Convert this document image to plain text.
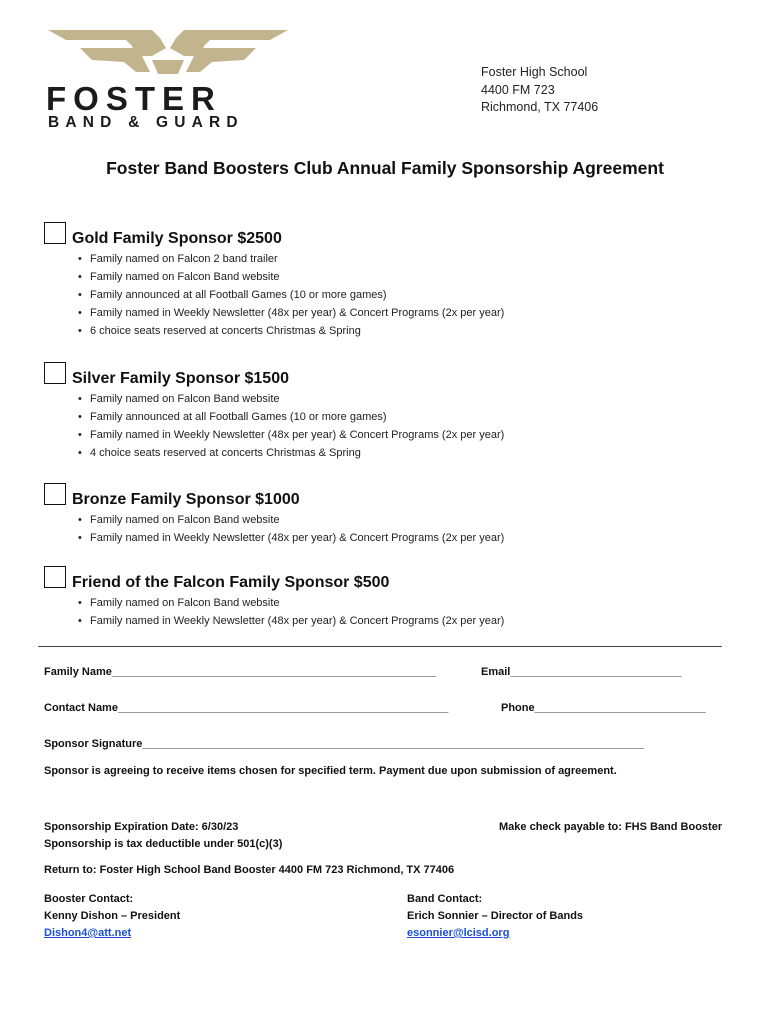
FOSTER
BAND & GUARD
Foster High School
4400 FM 723
Richmond, TX 77406
Foster Band Boosters Club Annual Family Sponsorship Agreement
Gold Family Sponsor $2500
• Family named on Falcon 2 band trailer
• Family named on Falcon Band website
• Family announced at all Football Games (10 or more games)
• Family named in Weekly Newsletter (48x per year) & Concert Programs (2x per year)
• 6 choice seats reserved at concerts Christmas & Spring
Silver Family Sponsor $1500
• Family named on Falcon Band website
• Family announced at all Football Games (10 or more games)
• Family named in Weekly Newsletter (48x per year) & Concert Programs (2x per year)
• 4 choice seats reserved at concerts Christmas & Spring
Bronze Family Sponsor $1000
• Family named on Falcon Band website
• Family named in Weekly Newsletter (48x per year) & Concert Programs (2x per year)
Friend of the Falcon Family Sponsor $500
• Family named on Falcon Band website
• Family named in Weekly Newsletter (48x per year) & Concert Programs (2x per year)
Family Name_____________________________________________________	Email____________________________
Contact Name______________________________________________________	Phone____________________________
Sponsor Signature__________________________________________________________________________________
Sponsor is agreeing to receive items chosen for specified term. Payment due upon submission of agreement.
Sponsorship Expiration Date: 6/30/23
Sponsorship is tax deductible under 501(c)(3)
Make check payable to: FHS Band Booster
Return to: Foster High School Band Booster 4400 FM 723 Richmond, TX 77406
Booster Contact:
Kenny Dishon – President
Dishon4@att.net
Band Contact:
Erich Sonnier – Director of Bands
esonnier@lcisd.org
